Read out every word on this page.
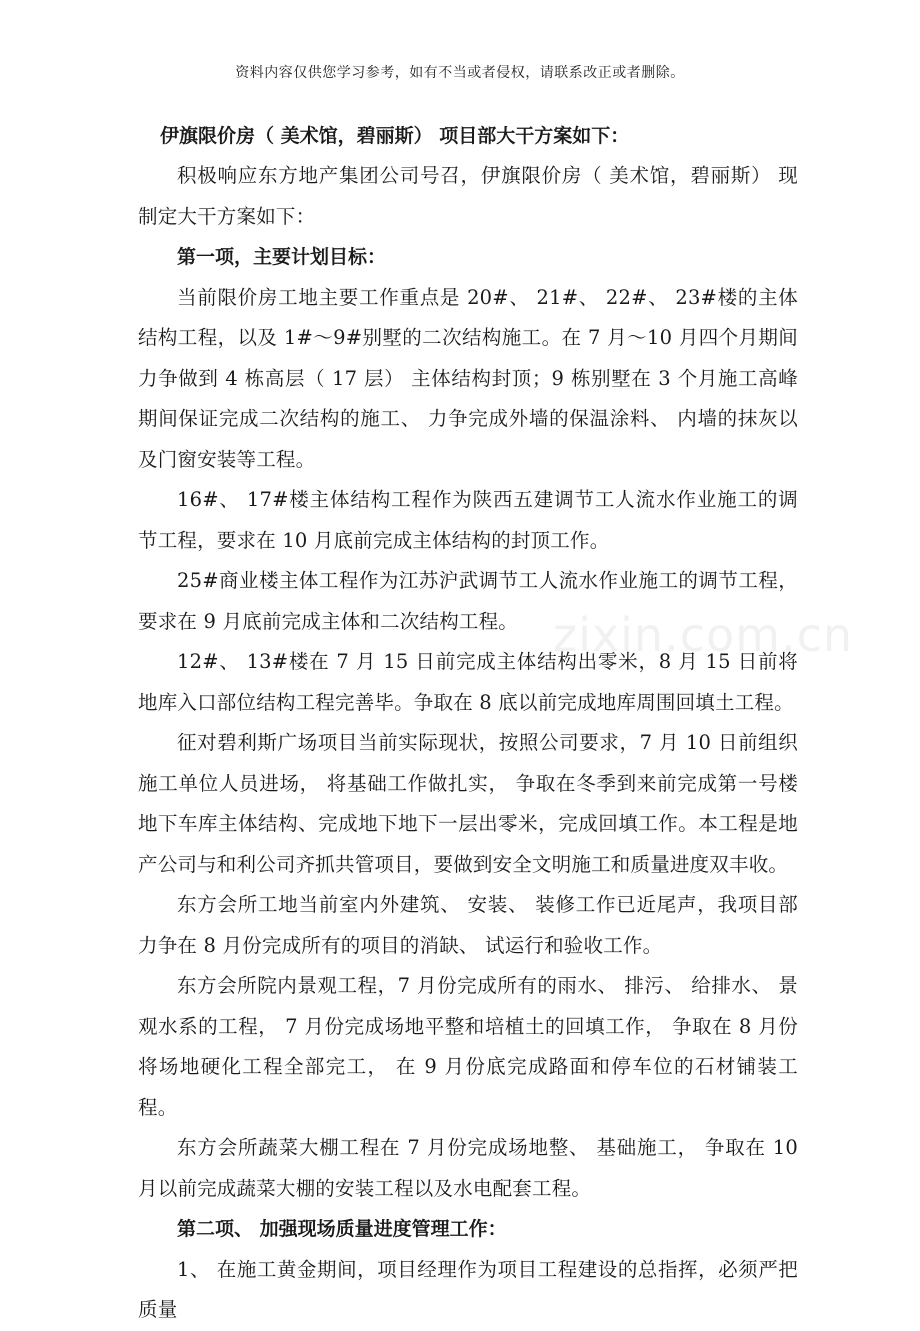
资料内容仅供您学习参考，如有不当或者侵权，请联系改正或者删除。
zixin.com.cn

伊旗限价房（ 美术馆，碧丽斯） 项目部大干方案如下：

积极响应东方地产集团公司号召，伊旗限价房（ 美术馆，碧丽斯） 现制定大干方案如下：

第一项，主要计划目标：

当前限价房工地主要工作重点是 20#、 21#、 22#、 23#楼的主体结构工程，以及 1#～9#别墅的二次结构施工。在 7 月～10 月四个月期间力争做到 4 栋高层（ 17 层） 主体结构封顶；9 栋别墅在 3 个月施工高峰期间保证完成二次结构的施工、 力争完成外墙的保温涂料、 内墙的抹灰以及门窗安装等工程。

16#、 17#楼主体结构工程作为陕西五建调节工人流水作业施工的调节工程，要求在 10 月底前完成主体结构的封顶工作。

25#商业楼主体工程作为江苏沪武调节工人流水作业施工的调节工程， 要求在 9 月底前完成主体和二次结构工程。

12#、 13#楼在 7 月 15 日前完成主体结构出零米，8 月 15 日前将地库入口部位结构工程完善毕。争取在 8 底以前完成地库周围回填土工程。

征对碧利斯广场项目当前实际现状，按照公司要求，7 月 10 日前组织施工单位人员进场， 将基础工作做扎实， 争取在冬季到来前完成第一号楼地下车库主体结构、完成地下地下一层出零米，完成回填工作。本工程是地产公司与和利公司齐抓共管项目，要做到安全文明施工和质量进度双丰收。

东方会所工地当前室内外建筑、 安装、 装修工作已近尾声，我项目部力争在 8 月份完成所有的项目的消缺、 试运行和验收工作。

东方会所院内景观工程，7 月份完成所有的雨水、 排污、 给排水、 景观水系的工程， 7 月份完成场地平整和培植土的回填工作， 争取在 8 月份将场地硬化工程全部完工， 在 9 月份底完成路面和停车位的石材铺装工程。

东方会所蔬菜大棚工程在 7 月份完成场地整、 基础施工， 争取在 10 月以前完成蔬菜大棚的安装工程以及水电配套工程。

第二项、 加强现场质量进度管理工作：

1、 在施工黄金期间，项目经理作为项目工程建设的总指挥，必须严把质量
